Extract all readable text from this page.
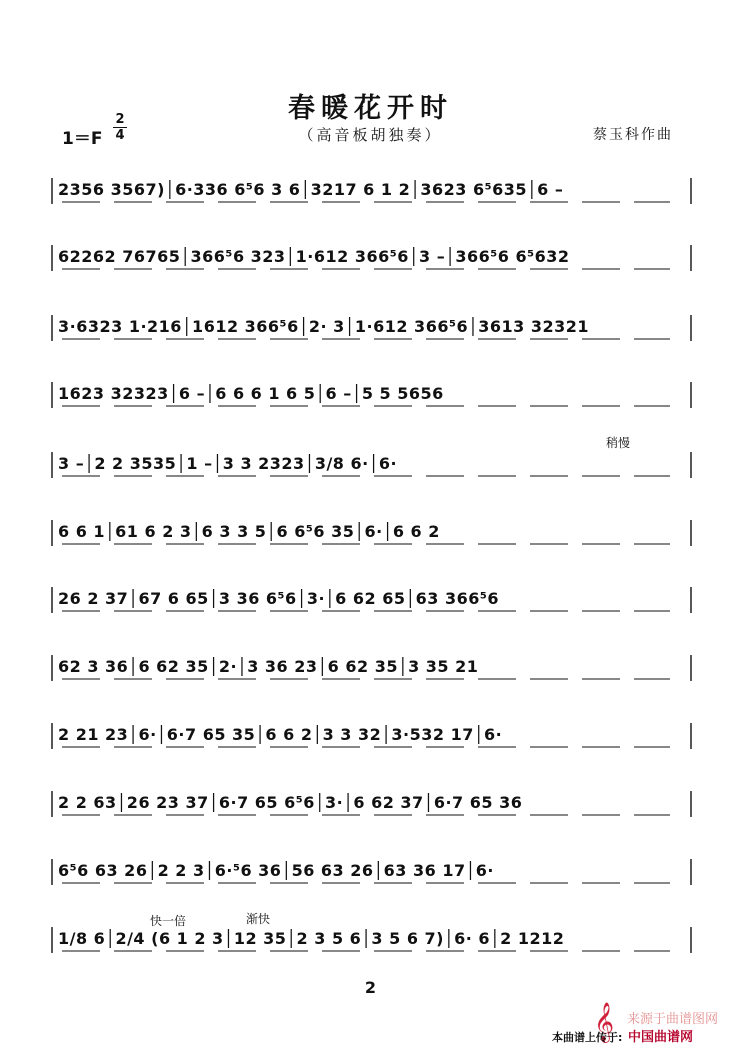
春暖花开时
（高音板胡独奏）
1＝F
2
4	蔡玉科作曲
2356 3567)│6·336 6⁵6 3 6│3217 6 1 2│3623 6⁵635│6 –
62262 76765│366⁵6 323│1·612 366⁵6│3 –│366⁵6 6⁵632
3·6323 1·216│1612 366⁵6│2· 3│1·612 366⁵6│3613 32321
1623 32323│6 –│6 6 6 1 6 5│6 –│5 5 5656
3 –│2 2 3535│1 –│3 3 2323│3/8 6·│6·
6 6 1│61 6 2 3│6 3 3 5│6 6⁵6 35│6·│6 6 2
26 2 37│67 6 65│3 36 6⁵6│3·│6 62 65│63 366⁵6
62 3 36│6 62 35│2·│3 36 23│6 62 35│3 35 21
2 21 23│6·│6·7 65 35│6 6 2│3 3 32│3·532 17│6·
2 2 63│26 23 37│6·7 65 6⁵6│3·│6 62 37│6·7 65 36
6⁵6 63 26│2 2 3│6·⁵6 36│56 63 26│63 36 17│6·
1/8 6│2/4 (6 1 2 3│12 35│2 3 5 6│3 5 6 7)│6· 6│2 1212
稍慢
快一倍	渐快
2
来源于曲谱图网
𝄞
本曲谱上传于: 中国曲谱网
